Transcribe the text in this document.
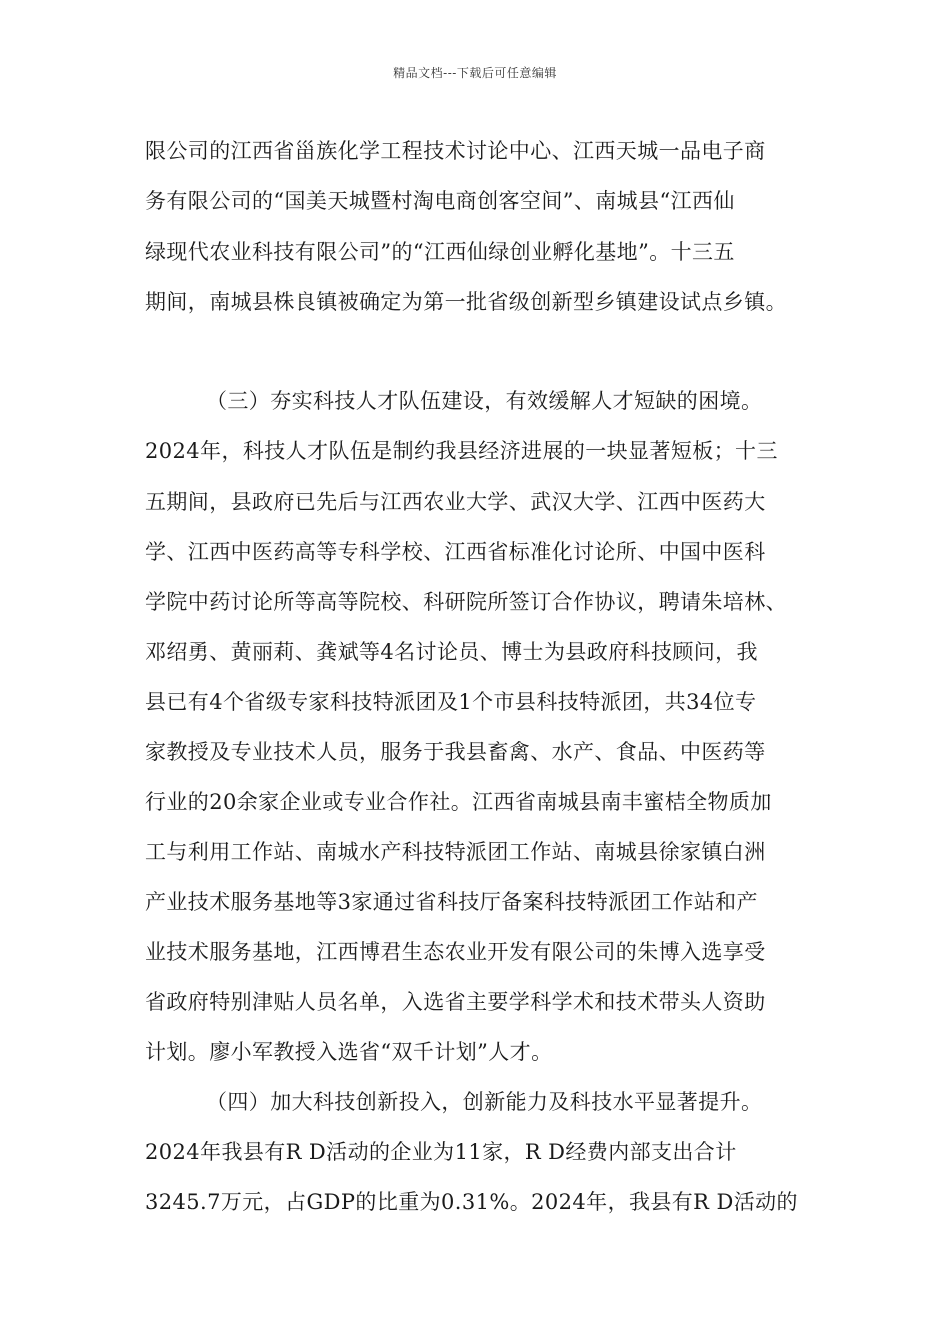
精品文档---下载后可任意编辑
限公司的江西省甾族化学工程技术讨论中心、江西天城一品电子商
务有限公司的“国美天城暨村淘电商创客空间”、南城县“江西仙
绿现代农业科技有限公司”的“江西仙绿创业孵化基地”。十三五
期间，南城县株良镇被确定为第一批省级创新型乡镇建设试点乡镇。
（三）夯实科技人才队伍建设，有效缓解人才短缺的困境。
2024年，科技人才队伍是制约我县经济进展的一块显著短板；十三
五期间，县政府已先后与江西农业大学、武汉大学、江西中医药大
学、江西中医药高等专科学校、江西省标准化讨论所、中国中医科
学院中药讨论所等高等院校、科研院所签订合作协议，聘请朱培林、
邓绍勇、黄丽莉、龚斌等4名讨论员、博士为县政府科技顾问，我
县已有4个省级专家科技特派团及1个市县科技特派团，共34位专
家教授及专业技术人员，服务于我县畜禽、水产、食品、中医药等
行业的20余家企业或专业合作社。江西省南城县南丰蜜桔全物质加
工与利用工作站、南城水产科技特派团工作站、南城县徐家镇白洲
产业技术服务基地等3家通过省科技厅备案科技特派团工作站和产
业技术服务基地，江西博君生态农业开发有限公司的朱博入选享受
省政府特别津贴人员名单，入选省主要学科学术和技术带头人资助
计划。廖小军教授入选省“双千计划”人才。
（四）加大科技创新投入，创新能力及科技水平显著提升。
2024年我县有R D活动的企业为11家，R D经费内部支出合计
3245.7万元，占GDP的比重为0.31%。2024年，我县有R D活动的
